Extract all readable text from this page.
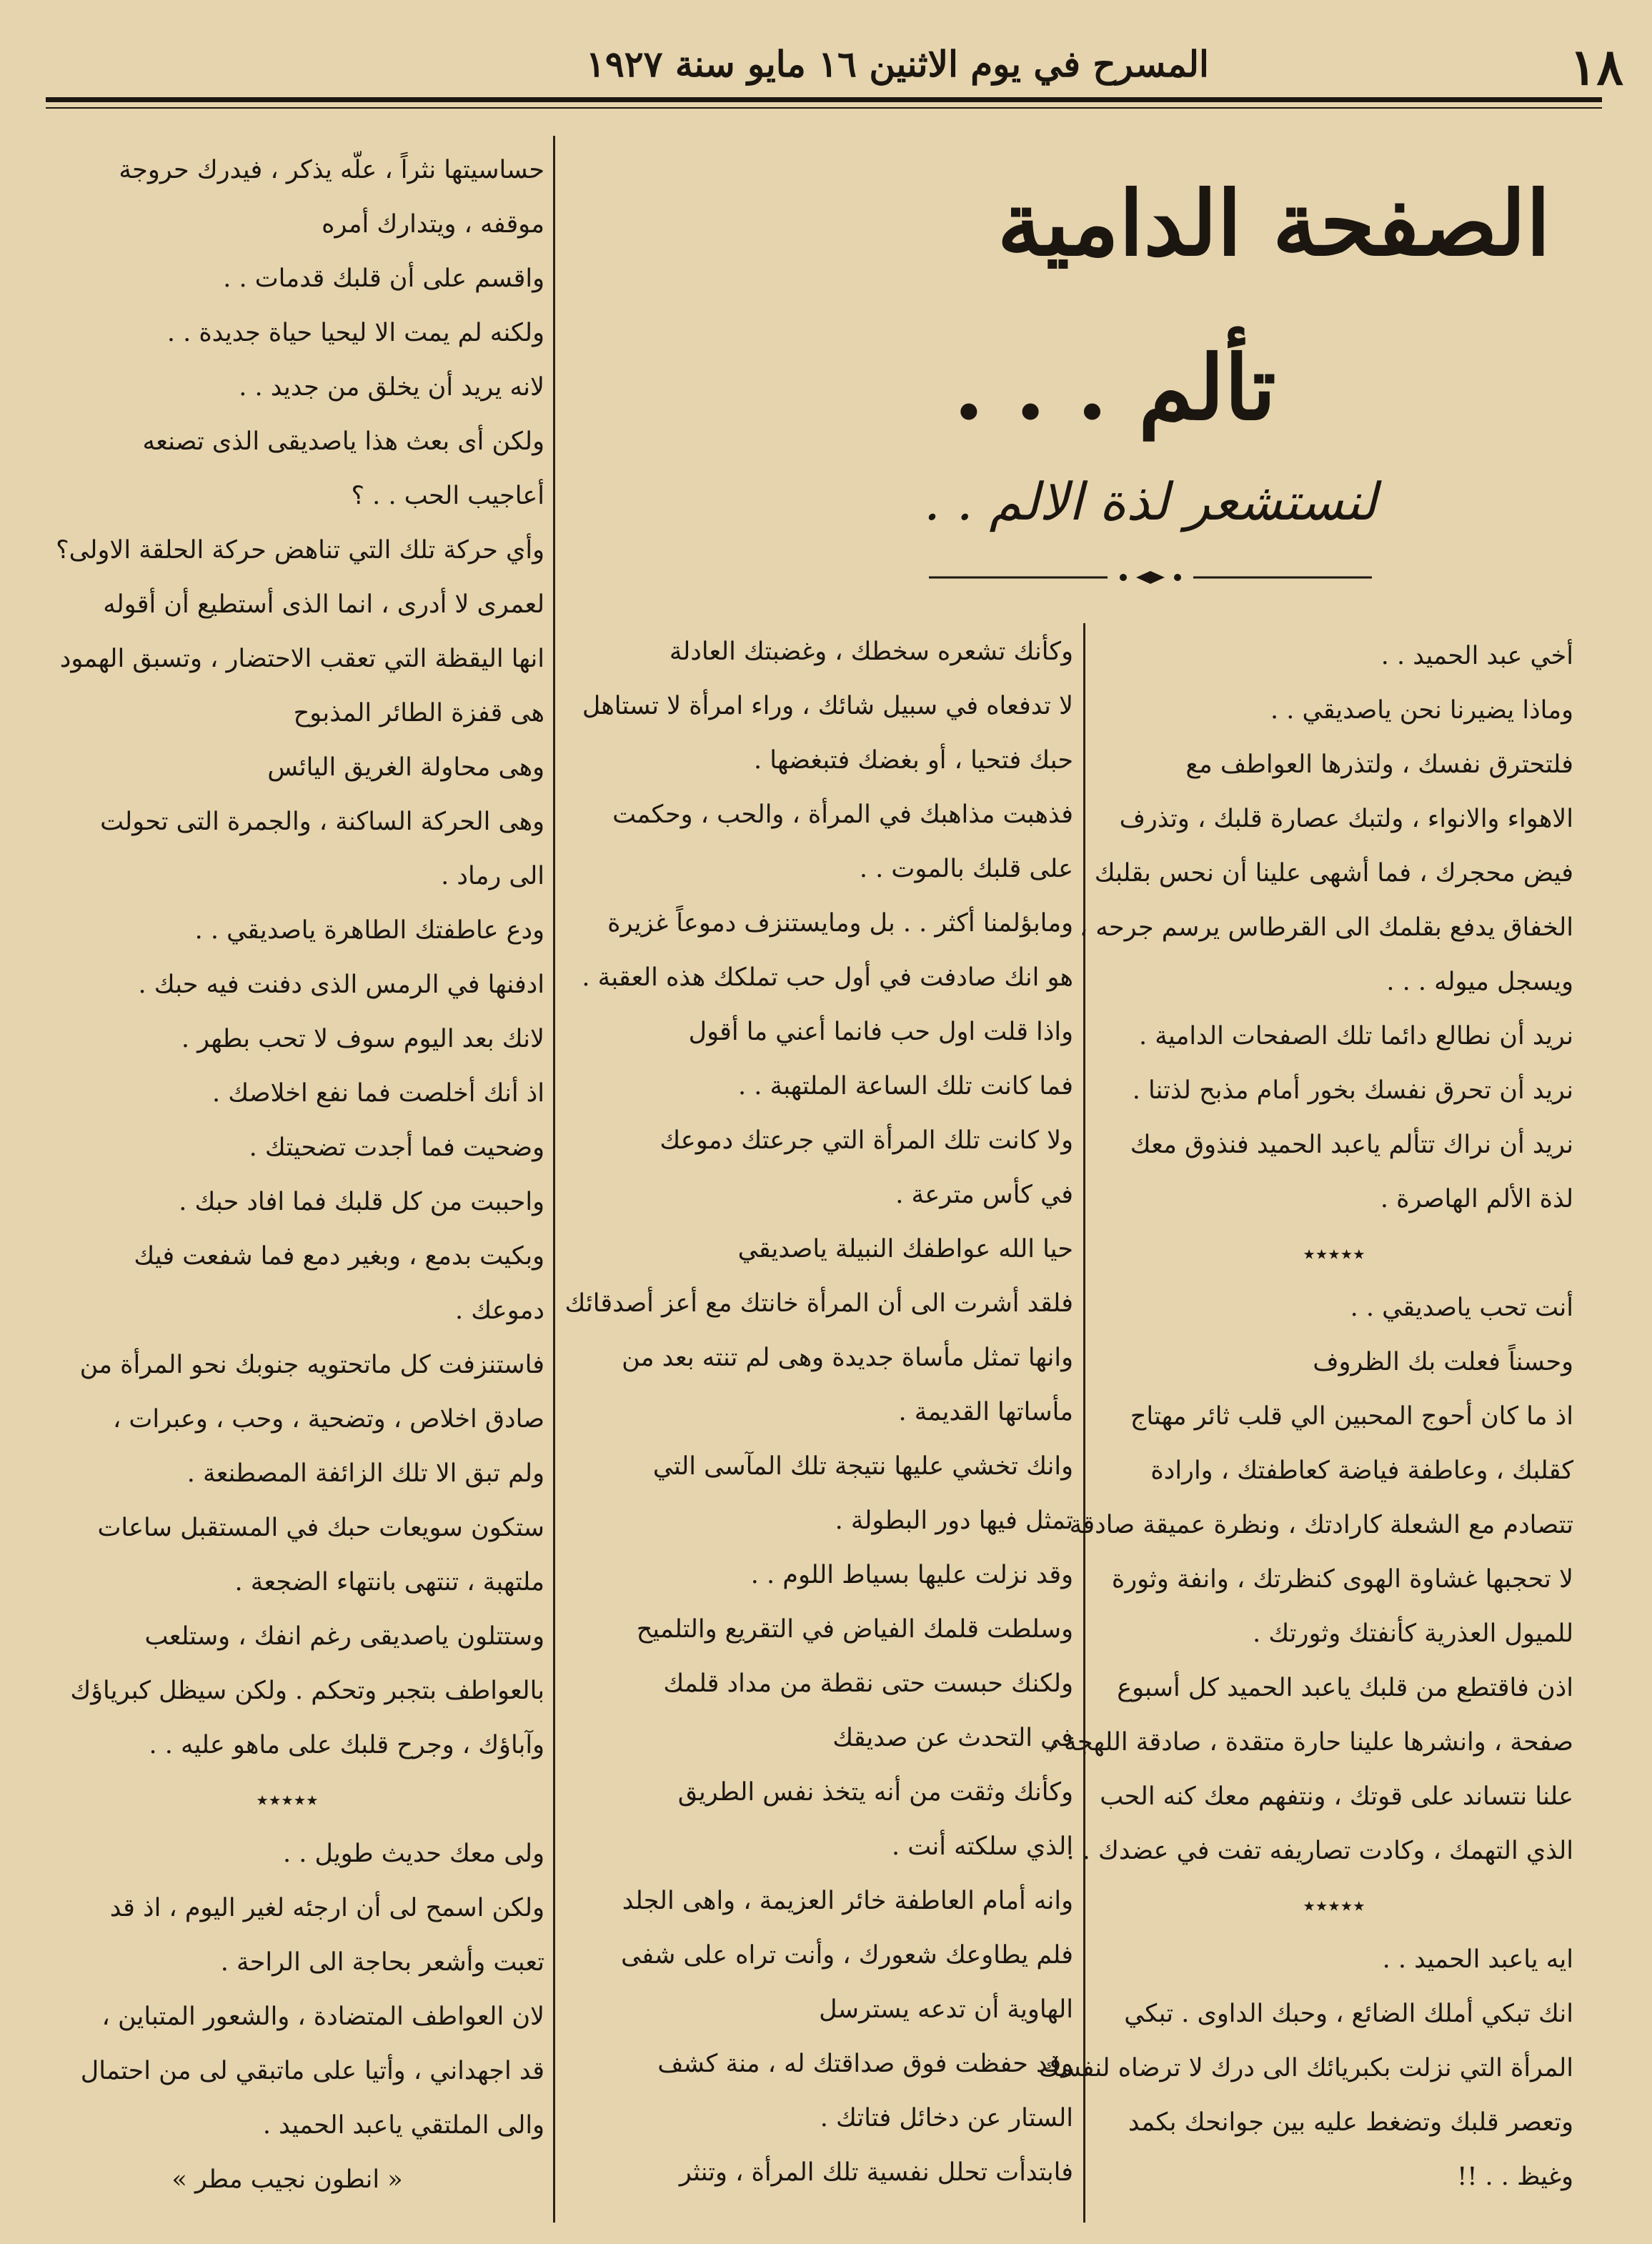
١٨
المسرح في يوم الاثنين ١٦ مايو سنة ١٩٢٧
الصفحة الدامية
تألم . . .
لنستشعر لذة الالم . .

أخي عبد الحميد . .

وماذا يضيرنا نحن ياصديقي . .

فلتحترق نفسك ، ولتذرها العواطف مع

الاهواء والانواء ، ولتبك عصارة قلبك ، وتذرف

فيض محجرك ، فما أشهى علينا أن نحس بقلبك

الخفاق يدفع بقلمك الى القرطاس يرسم جرحه ،

ويسجل ميوله . . .

نريد أن نطالع دائما تلك الصفحات الدامية .

نريد أن تحرق نفسك بخور أمام مذبح لذتنا .

نريد أن نراك تتألم ياعبد الحميد فنذوق معك

لذة الألم الهاصرة .

٭٭٭٭٭

أنت تحب ياصديقي . .

وحسناً فعلت بك الظروف

اذ ما كان أحوج المحبين الي قلب ثائر مهتاج

كقلبك ، وعاطفة فياضة كعاطفتك ، وارادة

تتصادم مع الشعلة كارادتك ، ونظرة عميقة صادقة

لا تحجبها غشاوة الهوى كنظرتك ، وانفة وثورة

للميول العذرية كأنفتك وثورتك .

اذن فاقتطع من قلبك ياعبد الحميد كل أسبوع

صفحة ، وانشرها علينا حارة متقدة ، صادقة اللهجة ،

علنا نتساند على قوتك ، ونتفهم معك كنه الحب

الذي التهمك ، وكادت تصاريفه تفت في عضدك . .

٭٭٭٭٭

ايه ياعبد الحميد . .

انك تبكي أملك الضائع ، وحبك الداوى . تبكي

المرأة التي نزلت بكبريائك الى درك لا ترضاه لنفسك

وتعصر قلبك وتضغط عليه بين جوانحك بكمد

وغيظ . . !!

وكأنك تشعره سخطك ، وغضبتك العادلة

لا تدفعاه في سبيل شائك ، وراء امرأة لا تستاهل

حبك فتحيا ، أو بغضك فتبغضها .

فذهبت مذاهبك في المرأة ، والحب ، وحكمت

على قلبك بالموت . .

ومابؤلمنا أكثر . . بل ومايستنزف دموعاً غزيرة

هو انك صادفت في أول حب تملكك هذه العقبة .

واذا قلت اول حب فانما أعني ما أقول

فما كانت تلك الساعة الملتهبة . .

ولا كانت تلك المرأة التي جرعتك دموعك

في كأس مترعة .

حيا الله عواطفك النبيلة ياصديقي

فلقد أشرت الى أن المرأة خانتك مع أعز أصدقائك

وانها تمثل مأساة جديدة وهى لم تنته بعد من

مأساتها القديمة .

وانك تخشي عليها نتيجة تلك المآسى التي

تمثل فيها دور البطولة .

وقد نزلت عليها بسياط اللوم . .

وسلطت قلمك الفياض في التقريع والتلميح

ولكنك حبست حتى نقطة من مداد قلمك

في التحدث عن صديقك

وكأنك وثقت من أنه يتخذ نفس الطريق

الذي سلكته أنت .

وانه أمام العاطفة خائر العزيمة ، واهى الجلد

فلم يطاوعك شعورك ، وأنت تراه على شفى

الهاوية أن تدعه يسترسل

وقد حفظت فوق صداقتك له ، منة كشف

الستار عن دخائل فتاتك .

فابتدأت تحلل نفسية تلك المرأة ، وتنثر

حساسيتها نثراً ، علّه يذكر ، فيدرك حروجة

موقفه ، ويتدارك أمره

واقسم على أن قلبك قدمات . .

ولكنه لم يمت الا ليحيا حياة جديدة . .

لانه يريد أن يخلق من جديد . .

ولكن أى بعث هذا ياصديقى الذى تصنعه

أعاجيب الحب . . ؟

وأي حركة تلك التي تناهض حركة الحلقة الاولى؟

لعمرى لا أدرى ، انما الذى أستطيع أن أقوله

انها اليقظة التي تعقب الاحتضار ، وتسبق الهمود

هى قفزة الطائر المذبوح

وهى محاولة الغريق اليائس

وهى الحركة الساكنة ، والجمرة التى تحولت

الى رماد .

ودع عاطفتك الطاهرة ياصديقي . .

ادفنها في الرمس الذى دفنت فيه حبك .

لانك بعد اليوم سوف لا تحب بطهر .

اذ أنك أخلصت فما نفع اخلاصك .

وضحيت فما أجدت تضحيتك .

واحببت من كل قلبك فما افاد حبك .

وبكيت بدمع ، وبغير دمع فما شفعت فيك

دموعك .

فاستنزفت كل ماتحتويه جنوبك نحو المرأة من

صادق اخلاص ، وتضحية ، وحب ، وعبرات ،

ولم تبق الا تلك الزائفة المصطنعة .

ستكون سويعات حبك في المستقبل ساعات

ملتهبة ، تنتهى بانتهاء الضجعة .

وستتلون ياصديقى رغم انفك ، وستلعب

بالعواطف بتجبر وتحكم . ولكن سيظل كبرياؤك

وآباؤك ، وجرح قلبك على ماهو عليه . .

٭٭٭٭٭

ولى معك حديث طويل . .

ولكن اسمح لى أن ارجئه لغير اليوم ، اذ قد

تعبت وأشعر بحاجة الى الراحة .

لان العواطف المتضادة ، والشعور المتباين ،

قد اجهداني ، وأتيا على ماتبقي لى من احتمال

والى الملتقي ياعبد الحميد .

« انطون نجيب مطر »
